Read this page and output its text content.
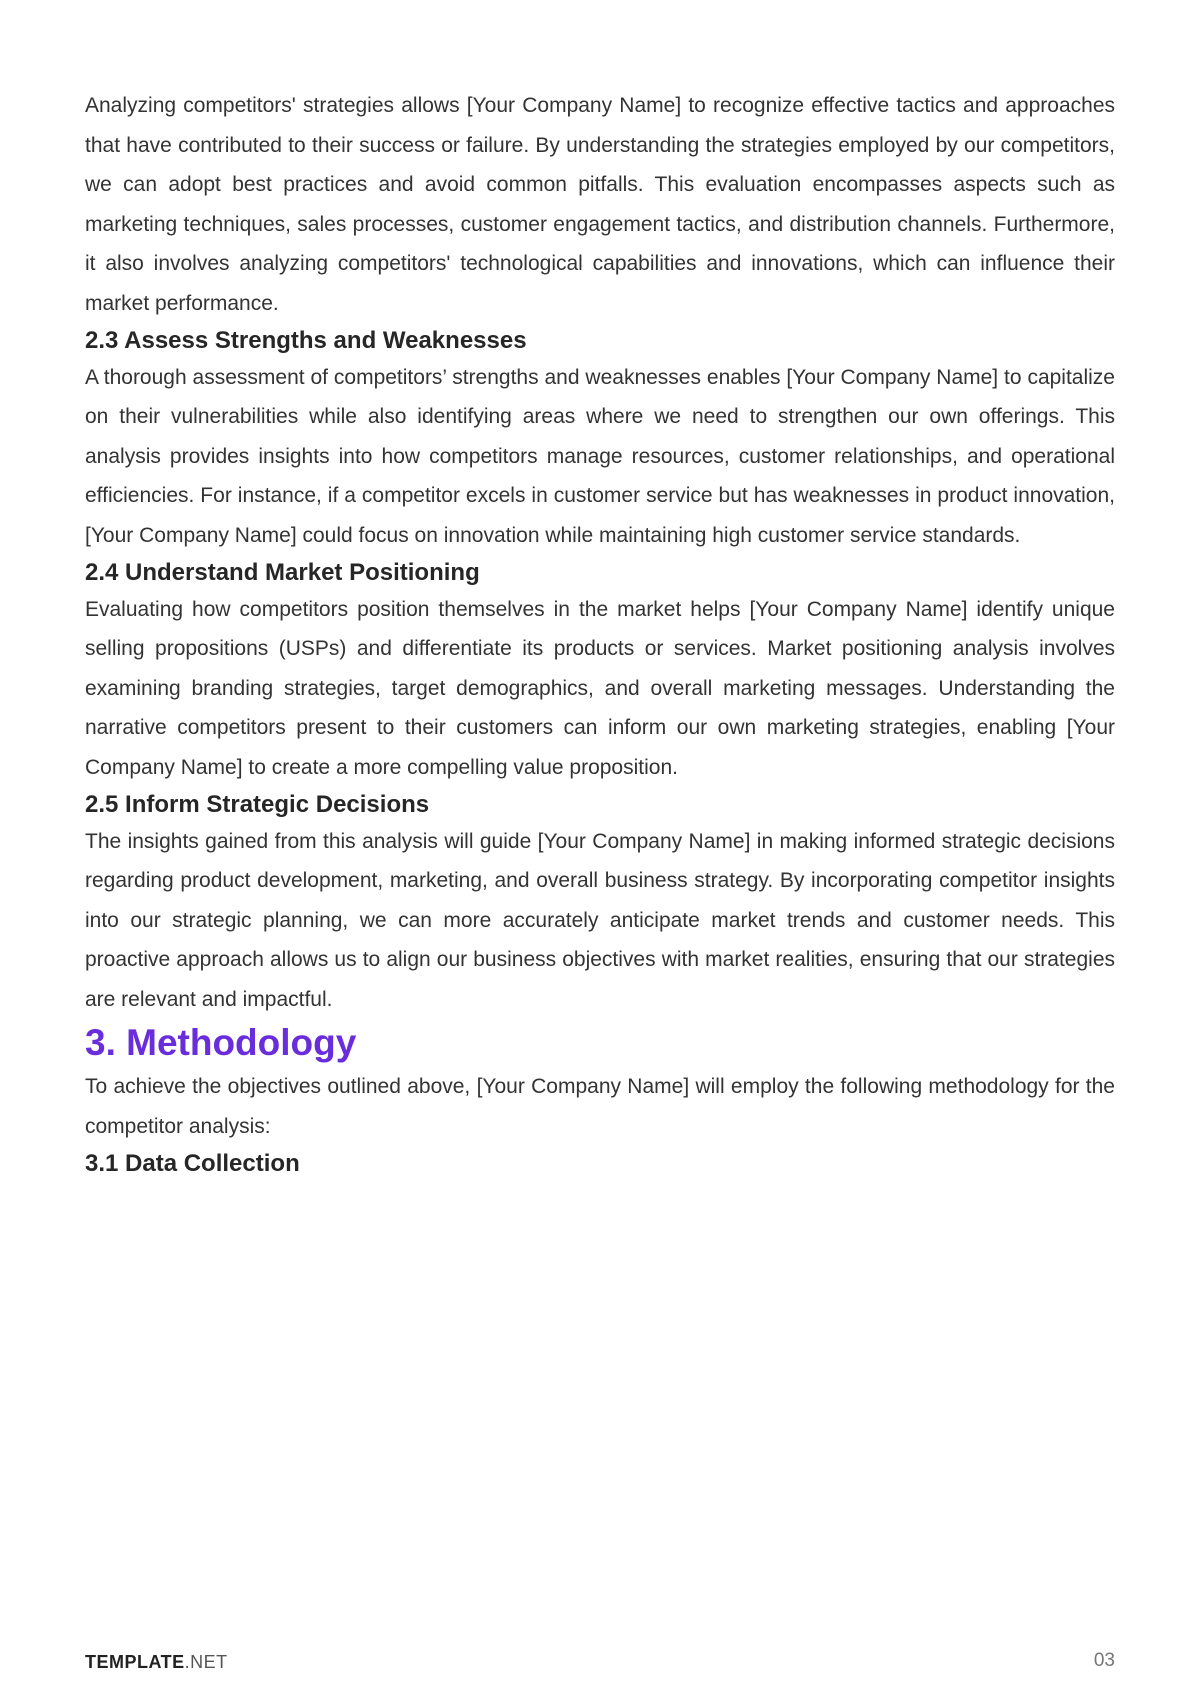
Analyzing competitors' strategies allows [Your Company Name] to recognize effective tactics and approaches that have contributed to their success or failure. By understanding the strategies employed by our competitors, we can adopt best practices and avoid common pitfalls. This evaluation encompasses aspects such as marketing techniques, sales processes, customer engagement tactics, and distribution channels. Furthermore, it also involves analyzing competitors' technological capabilities and innovations, which can influence their market performance.

2.3 Assess Strengths and Weaknesses

A thorough assessment of competitors’ strengths and weaknesses enables [Your Company Name] to capitalize on their vulnerabilities while also identifying areas where we need to strengthen our own offerings. This analysis provides insights into how competitors manage resources, customer relationships, and operational efficiencies. For instance, if a competitor excels in customer service but has weaknesses in product innovation, [Your Company Name] could focus on innovation while maintaining high customer service standards.

2.4 Understand Market Positioning

Evaluating how competitors position themselves in the market helps [Your Company Name] identify unique selling propositions (USPs) and differentiate its products or services. Market positioning analysis involves examining branding strategies, target demographics, and overall marketing messages. Understanding the narrative competitors present to their customers can inform our own marketing strategies, enabling [Your Company Name] to create a more compelling value proposition.

2.5 Inform Strategic Decisions

The insights gained from this analysis will guide [Your Company Name] in making informed strategic decisions regarding product development, marketing, and overall business strategy. By incorporating competitor insights into our strategic planning, we can more accurately anticipate market trends and customer needs. This proactive approach allows us to align our business objectives with market realities, ensuring that our strategies are relevant and impactful.

3. Methodology

To achieve the objectives outlined above, [Your Company Name] will employ the following methodology for the competitor analysis:

3.1 Data Collection
TEMPLATE.NET	03
